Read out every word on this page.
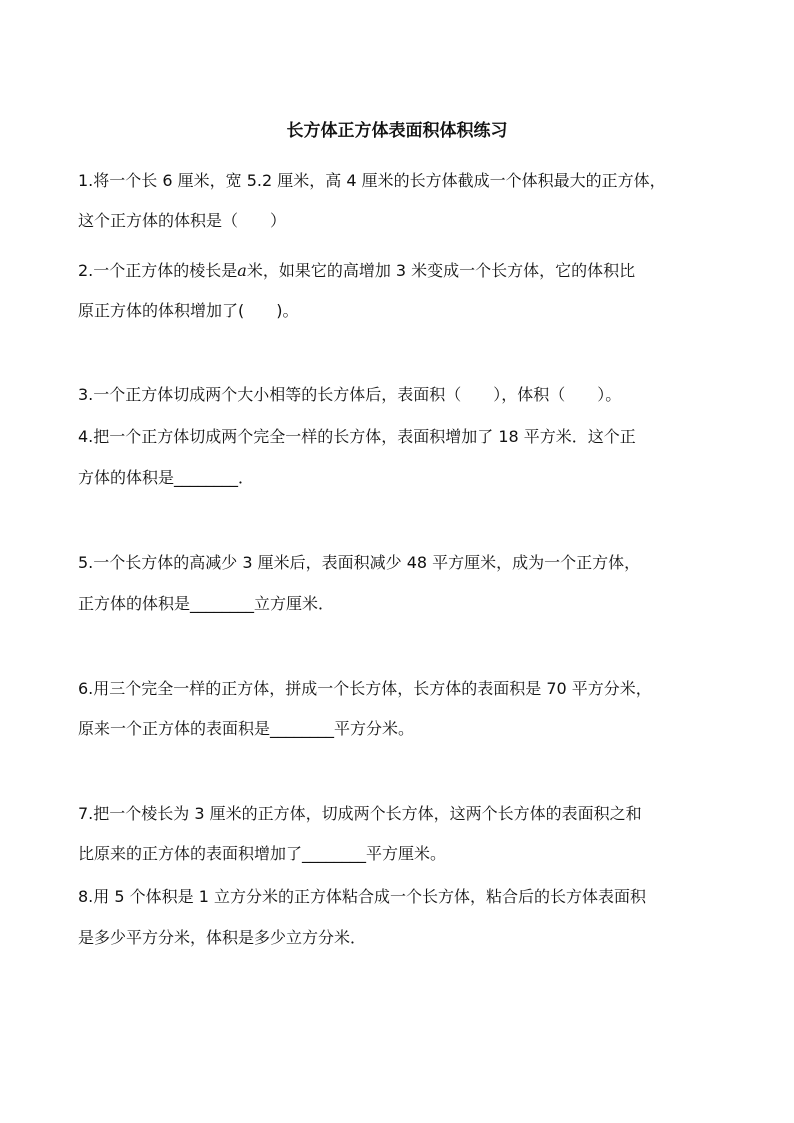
长方体正方体表面积体积练习
1.将一个长 6 厘米，宽 5.2 厘米，高 4 厘米的长方体截成一个体积最大的正方体，
这个正方体的体积是（　　）
2.一个正方体的棱长是a米，如果它的高增加 3 米变成一个长方体，它的体积比
原正方体的体积增加了(　　)。
3.一个正方体切成两个大小相等的长方体后，表面积（　　），体积（　　）。
4.把一个正方体切成两个完全一样的长方体，表面积增加了 18 平方米．这个正
方体的体积是________．
5.一个长方体的高减少 3 厘米后，表面积减少 48 平方厘米，成为一个正方体，
正方体的体积是________立方厘米．
6.用三个完全一样的正方体，拼成一个长方体，长方体的表面积是 70 平方分米，
原来一个正方体的表面积是________平方分米。
7.把一个棱长为 3 厘米的正方体，切成两个长方体，这两个长方体的表面积之和
比原来的正方体的表面积增加了________平方厘米。
8.用 5 个体积是 1 立方分米的正方体粘合成一个长方体，粘合后的长方体表面积
是多少平方分米，体积是多少立方分米．
